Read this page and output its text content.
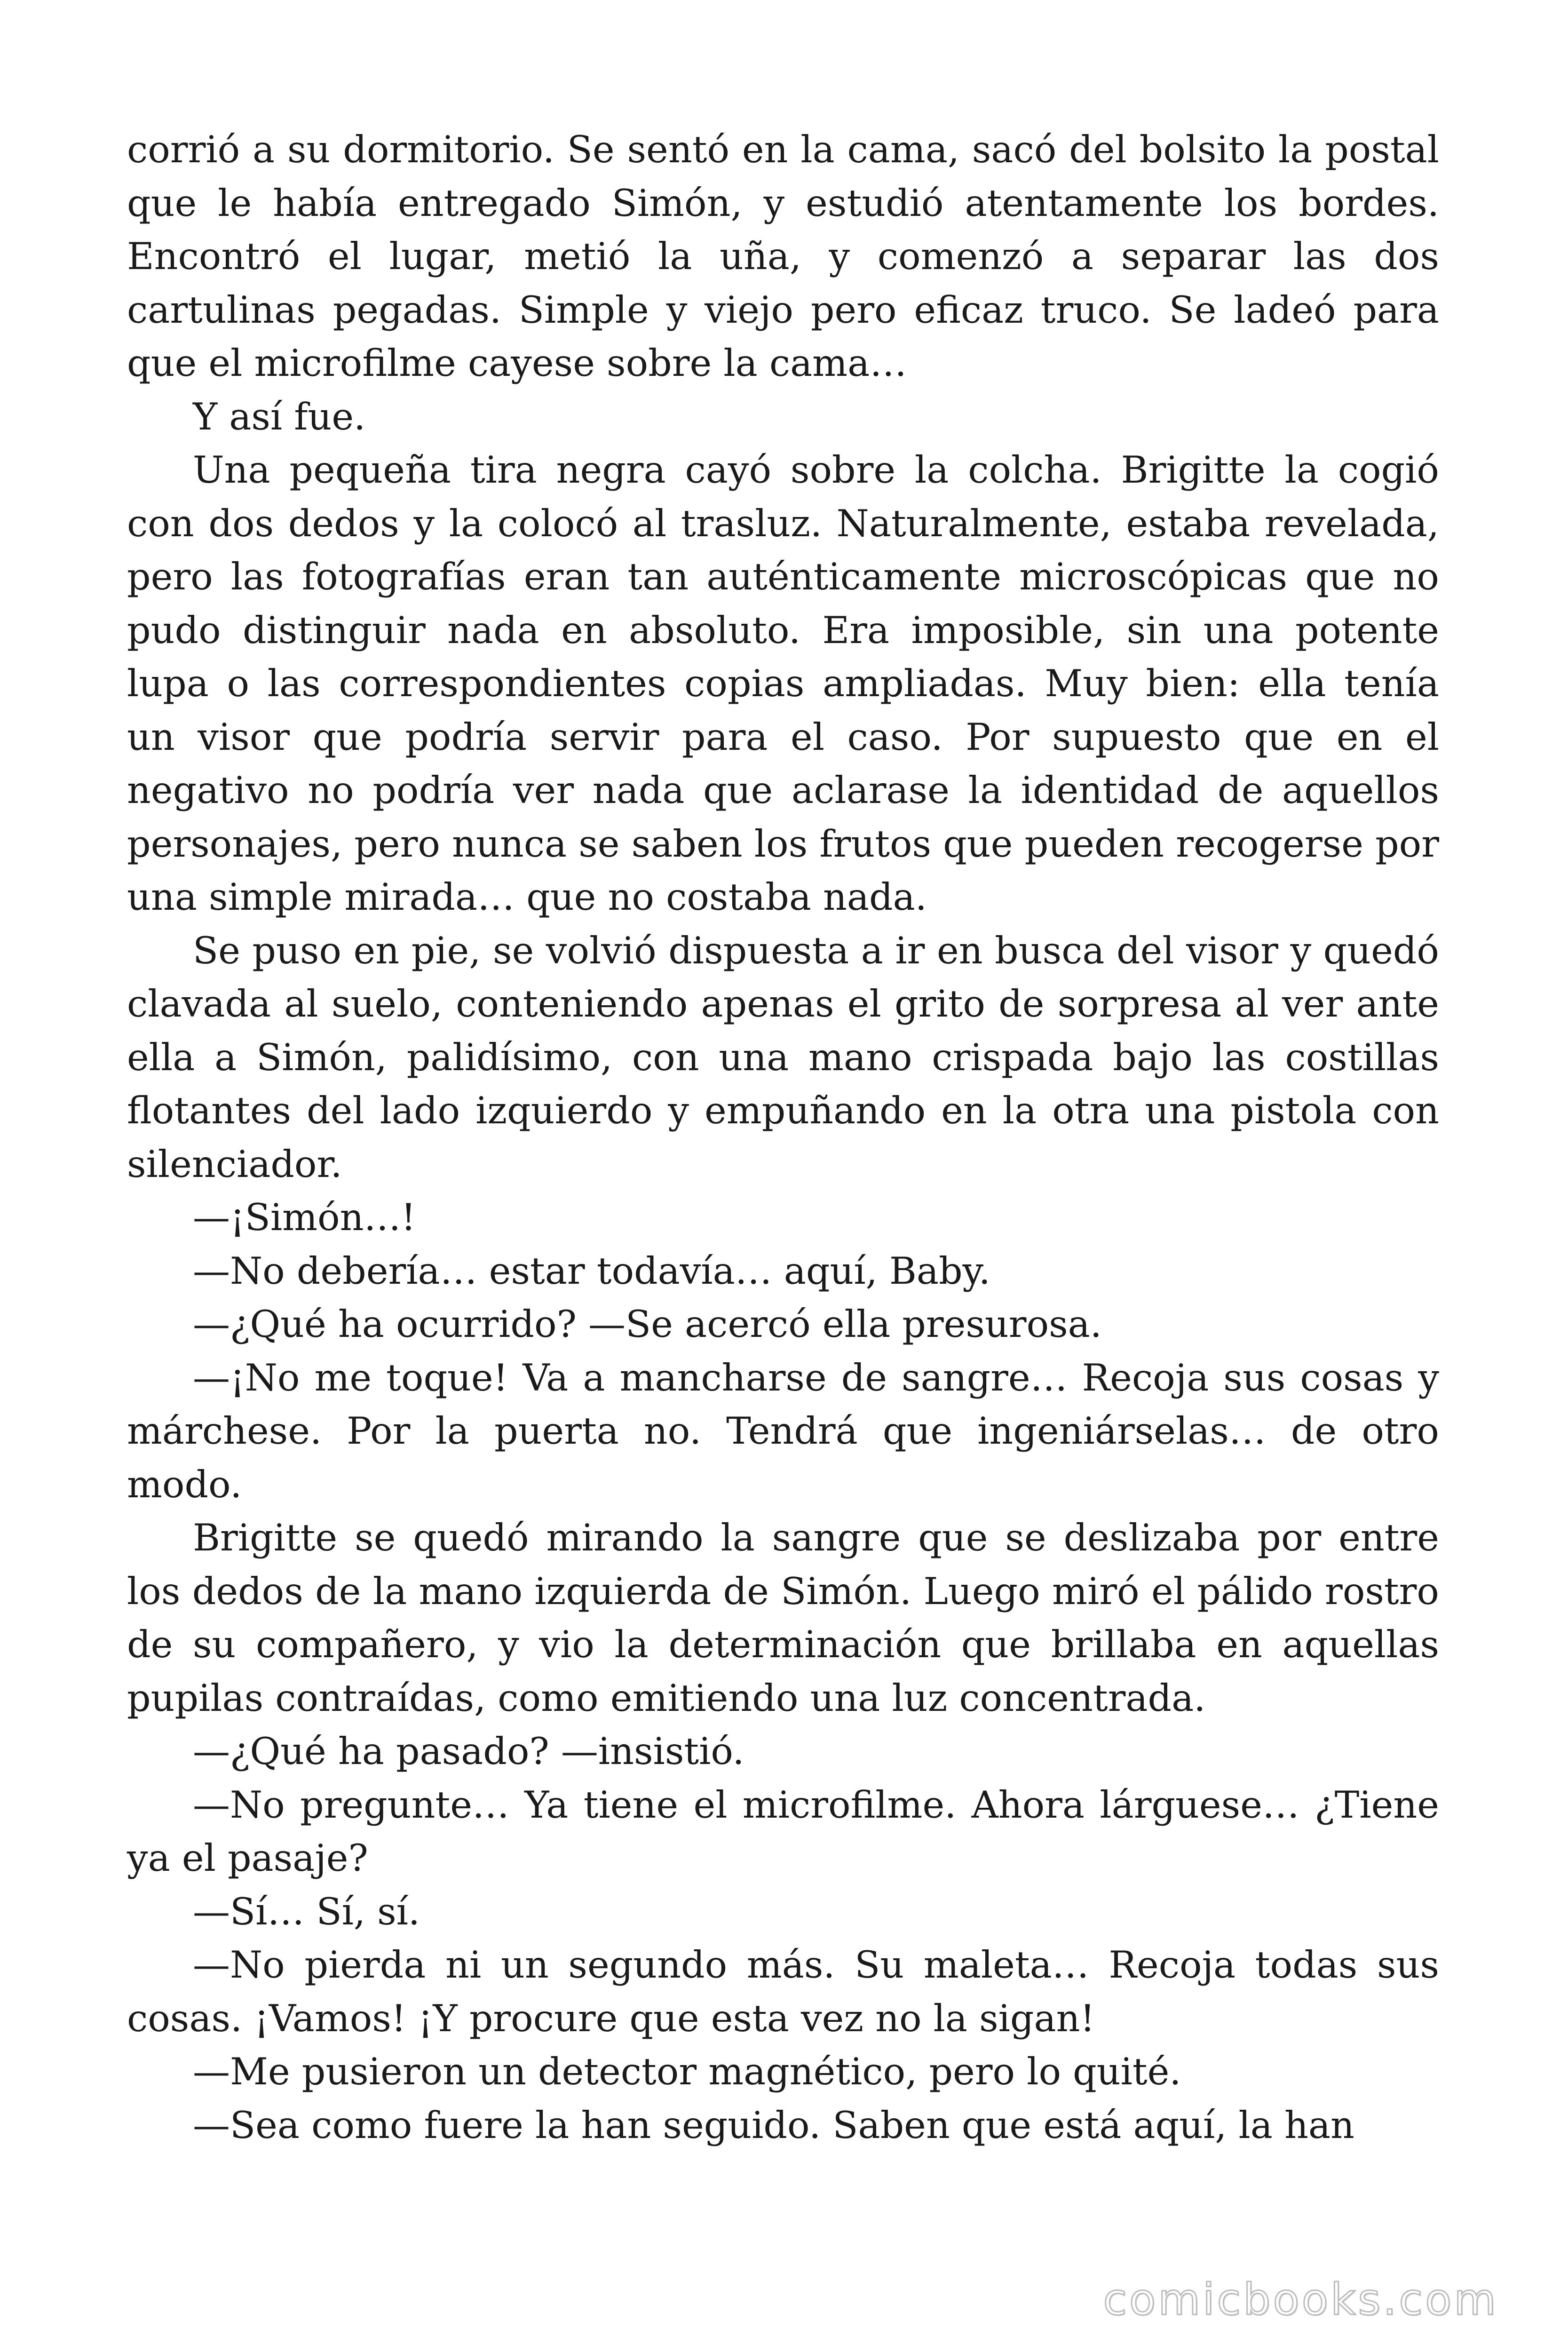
corrió a su dormitorio. Se sentó en la cama, sacó del bolsito la postal que le había entregado Simón, y estudió atentamente los bordes. Encontró el lugar, metió la uña, y comenzó a separar las dos cartulinas pegadas. Simple y viejo pero eficaz truco. Se ladeó para que el microfilme cayese sobre la cama…

Y así fue.

Una pequeña tira negra cayó sobre la colcha. Brigitte la cogió con dos dedos y la colocó al trasluz. Naturalmente, estaba revelada, pero las fotografías eran tan auténticamente microscópicas que no pudo distinguir nada en absoluto. Era imposible, sin una potente lupa o las correspondientes copias ampliadas. Muy bien: ella tenía un visor que podría servir para el caso. Por supuesto que en el negativo no podría ver nada que aclarase la identidad de aquellos personajes, pero nunca se saben los frutos que pueden recogerse por una simple mirada… que no costaba nada.

Se puso en pie, se volvió dispuesta a ir en busca del visor y quedó clavada al suelo, conteniendo apenas el grito de sorpresa al ver ante ella a Simón, palidísimo, con una mano crispada bajo las costillas flotantes del lado izquierdo y empuñando en la otra una pistola con silenciador.

—¡Simón…!

—No debería… estar todavía… aquí, Baby.

—¿Qué ha ocurrido? —Se acercó ella presurosa.

—¡No me toque! Va a mancharse de sangre… Recoja sus cosas y márchese. Por la puerta no. Tendrá que ingeniárselas… de otro modo.

Brigitte se quedó mirando la sangre que se deslizaba por entre los dedos de la mano izquierda de Simón. Luego miró el pálido rostro de su compañero, y vio la determinación que brillaba en aquellas pupilas contraídas, como emitiendo una luz concentrada.

—¿Qué ha pasado? —insistió.

—No pregunte… Ya tiene el microfilme. Ahora lárguese… ¿Tiene ya el pasaje?

—Sí… Sí, sí.

—No pierda ni un segundo más. Su maleta… Recoja todas sus cosas. ¡Vamos! ¡Y procure que esta vez no la sigan!

—Me pusieron un detector magnético, pero lo quité.

—Sea como fuere la han seguido. Saben que está aquí, la han

comicbooks.com
